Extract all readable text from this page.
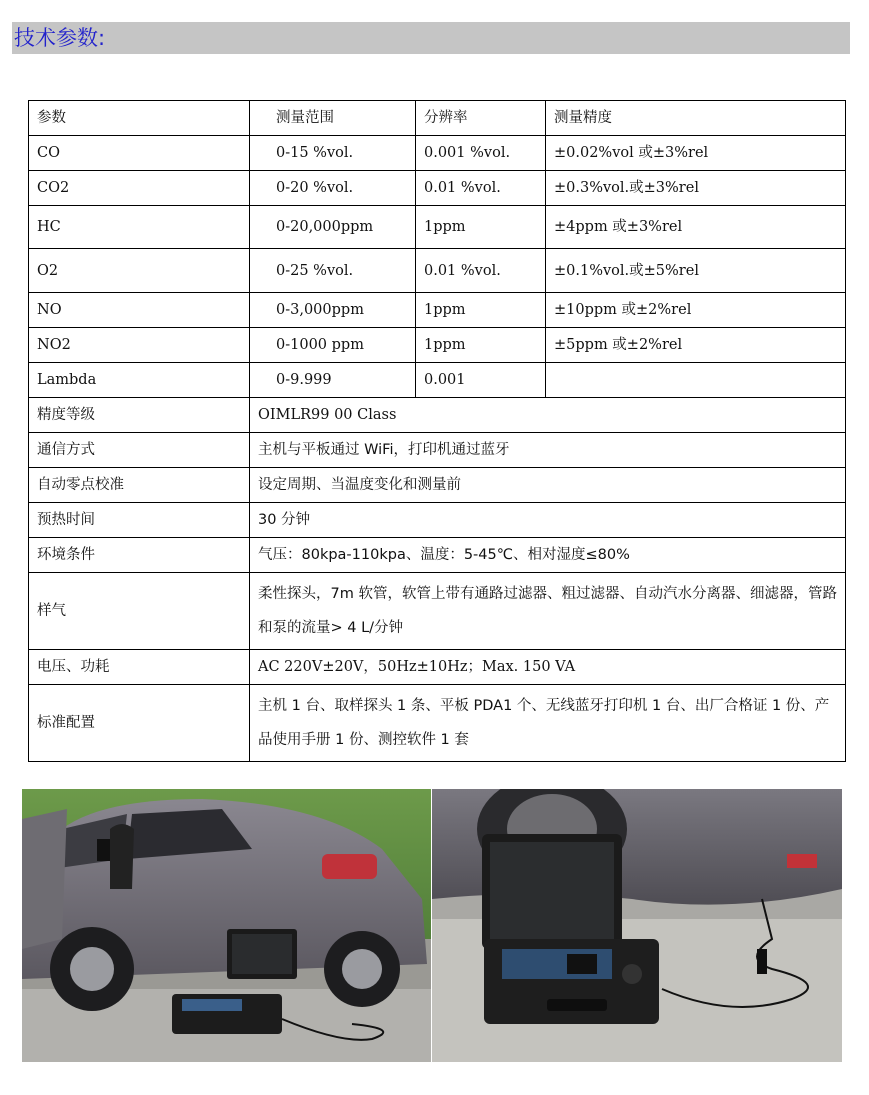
技术参数:
参数	测量范围	分辨率	测量精度
CO	0-15 %vol.	0.001 %vol.	±0.02%vol 或±3%rel
CO2	0-20 %vol.	0.01 %vol.	±0.3%vol.或±3%rel
HC	0-20,000ppm	1ppm	±4ppm 或±3%rel
O2	0-25 %vol.	0.01 %vol.	±0.1%vol.或±5%rel
NO	0-3,000ppm	1ppm	±10ppm 或±2%rel
NO2	0-1000 ppm	1ppm	±5ppm 或±2%rel
Lambda	0-9.999	0.001	
精度等级	OIMLR99 00 Class		
通信方式	主机与平板通过 WiFi，打印机通过蓝牙		
自动零点校准	设定周期、当温度变化和测量前		
预热时间	30 分钟		
环境条件	气压：80kpa-110kpa、温度：5-45℃、相对湿度≤80%		
样气	柔性探头，7m 软管，软管上带有通路过滤器、粗过滤器、自动汽水分离器、细滤器，管路和泵的流量> 4 L/分钟		
电压、功耗	AC 220V±20V，50Hz±10Hz；Max. 150 VA		
标准配置	主机 1 台、取样探头 1 条、平板 PDA1 个、无线蓝牙打印机 1 台、出厂合格证 1 份、产品使用手册 1 份、测控软件 1 套		
